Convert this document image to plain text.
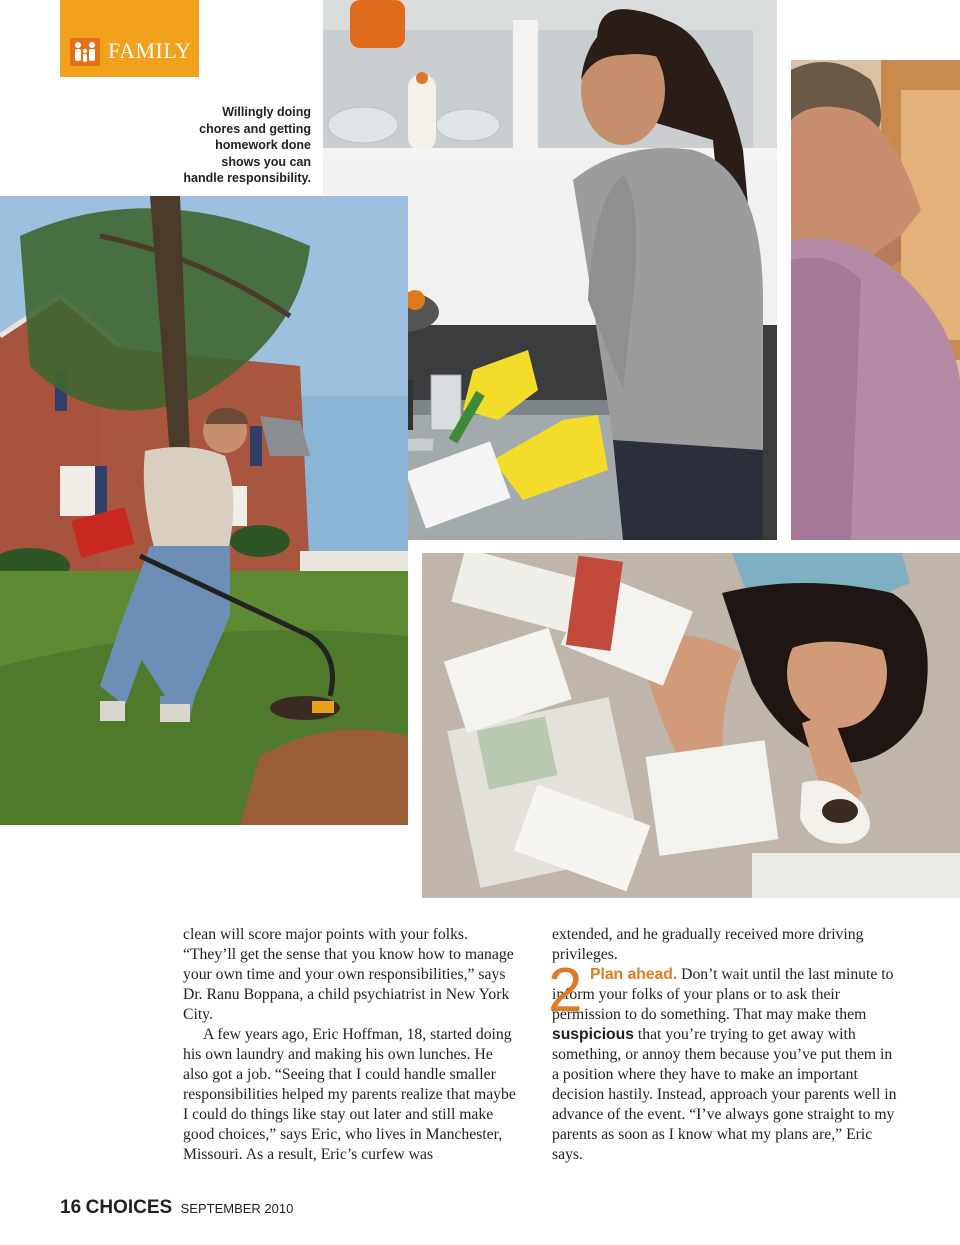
FAMILY
Willingly doing
chores and getting
homework done
shows you can
handle responsibility.

clean will score major points with your folks. “They’ll get the sense that you know how to manage your own time and your own responsibilities,” says Dr. Ranu Boppana, a child psychiatrist in New York City.

A few years ago, Eric Hoffman, 18, started doing his own laundry and making his own lunches. He also got a job. “Seeing that I could handle smaller responsibilities helped my parents realize that maybe I could do things like stay out later and still make good choices,” says Eric, who lives in Manchester, Missouri. As a result, Eric’s curfew was

extended, and he gradually received more driving privileges.

Plan ahead. Don’t wait until the last minute to inform your folks of your plans or to ask their permission to do something. That may make them suspicious that you’re trying to get away with something, or annoy them because you’ve put them in a position where they have to make an important decision hastily. Instead, approach your parents well in advance of the event. “I’ve always gone straight to my parents as soon as I know what my plans are,” Eric says.

2
16 CHOICES SEPTEMBER 2010
